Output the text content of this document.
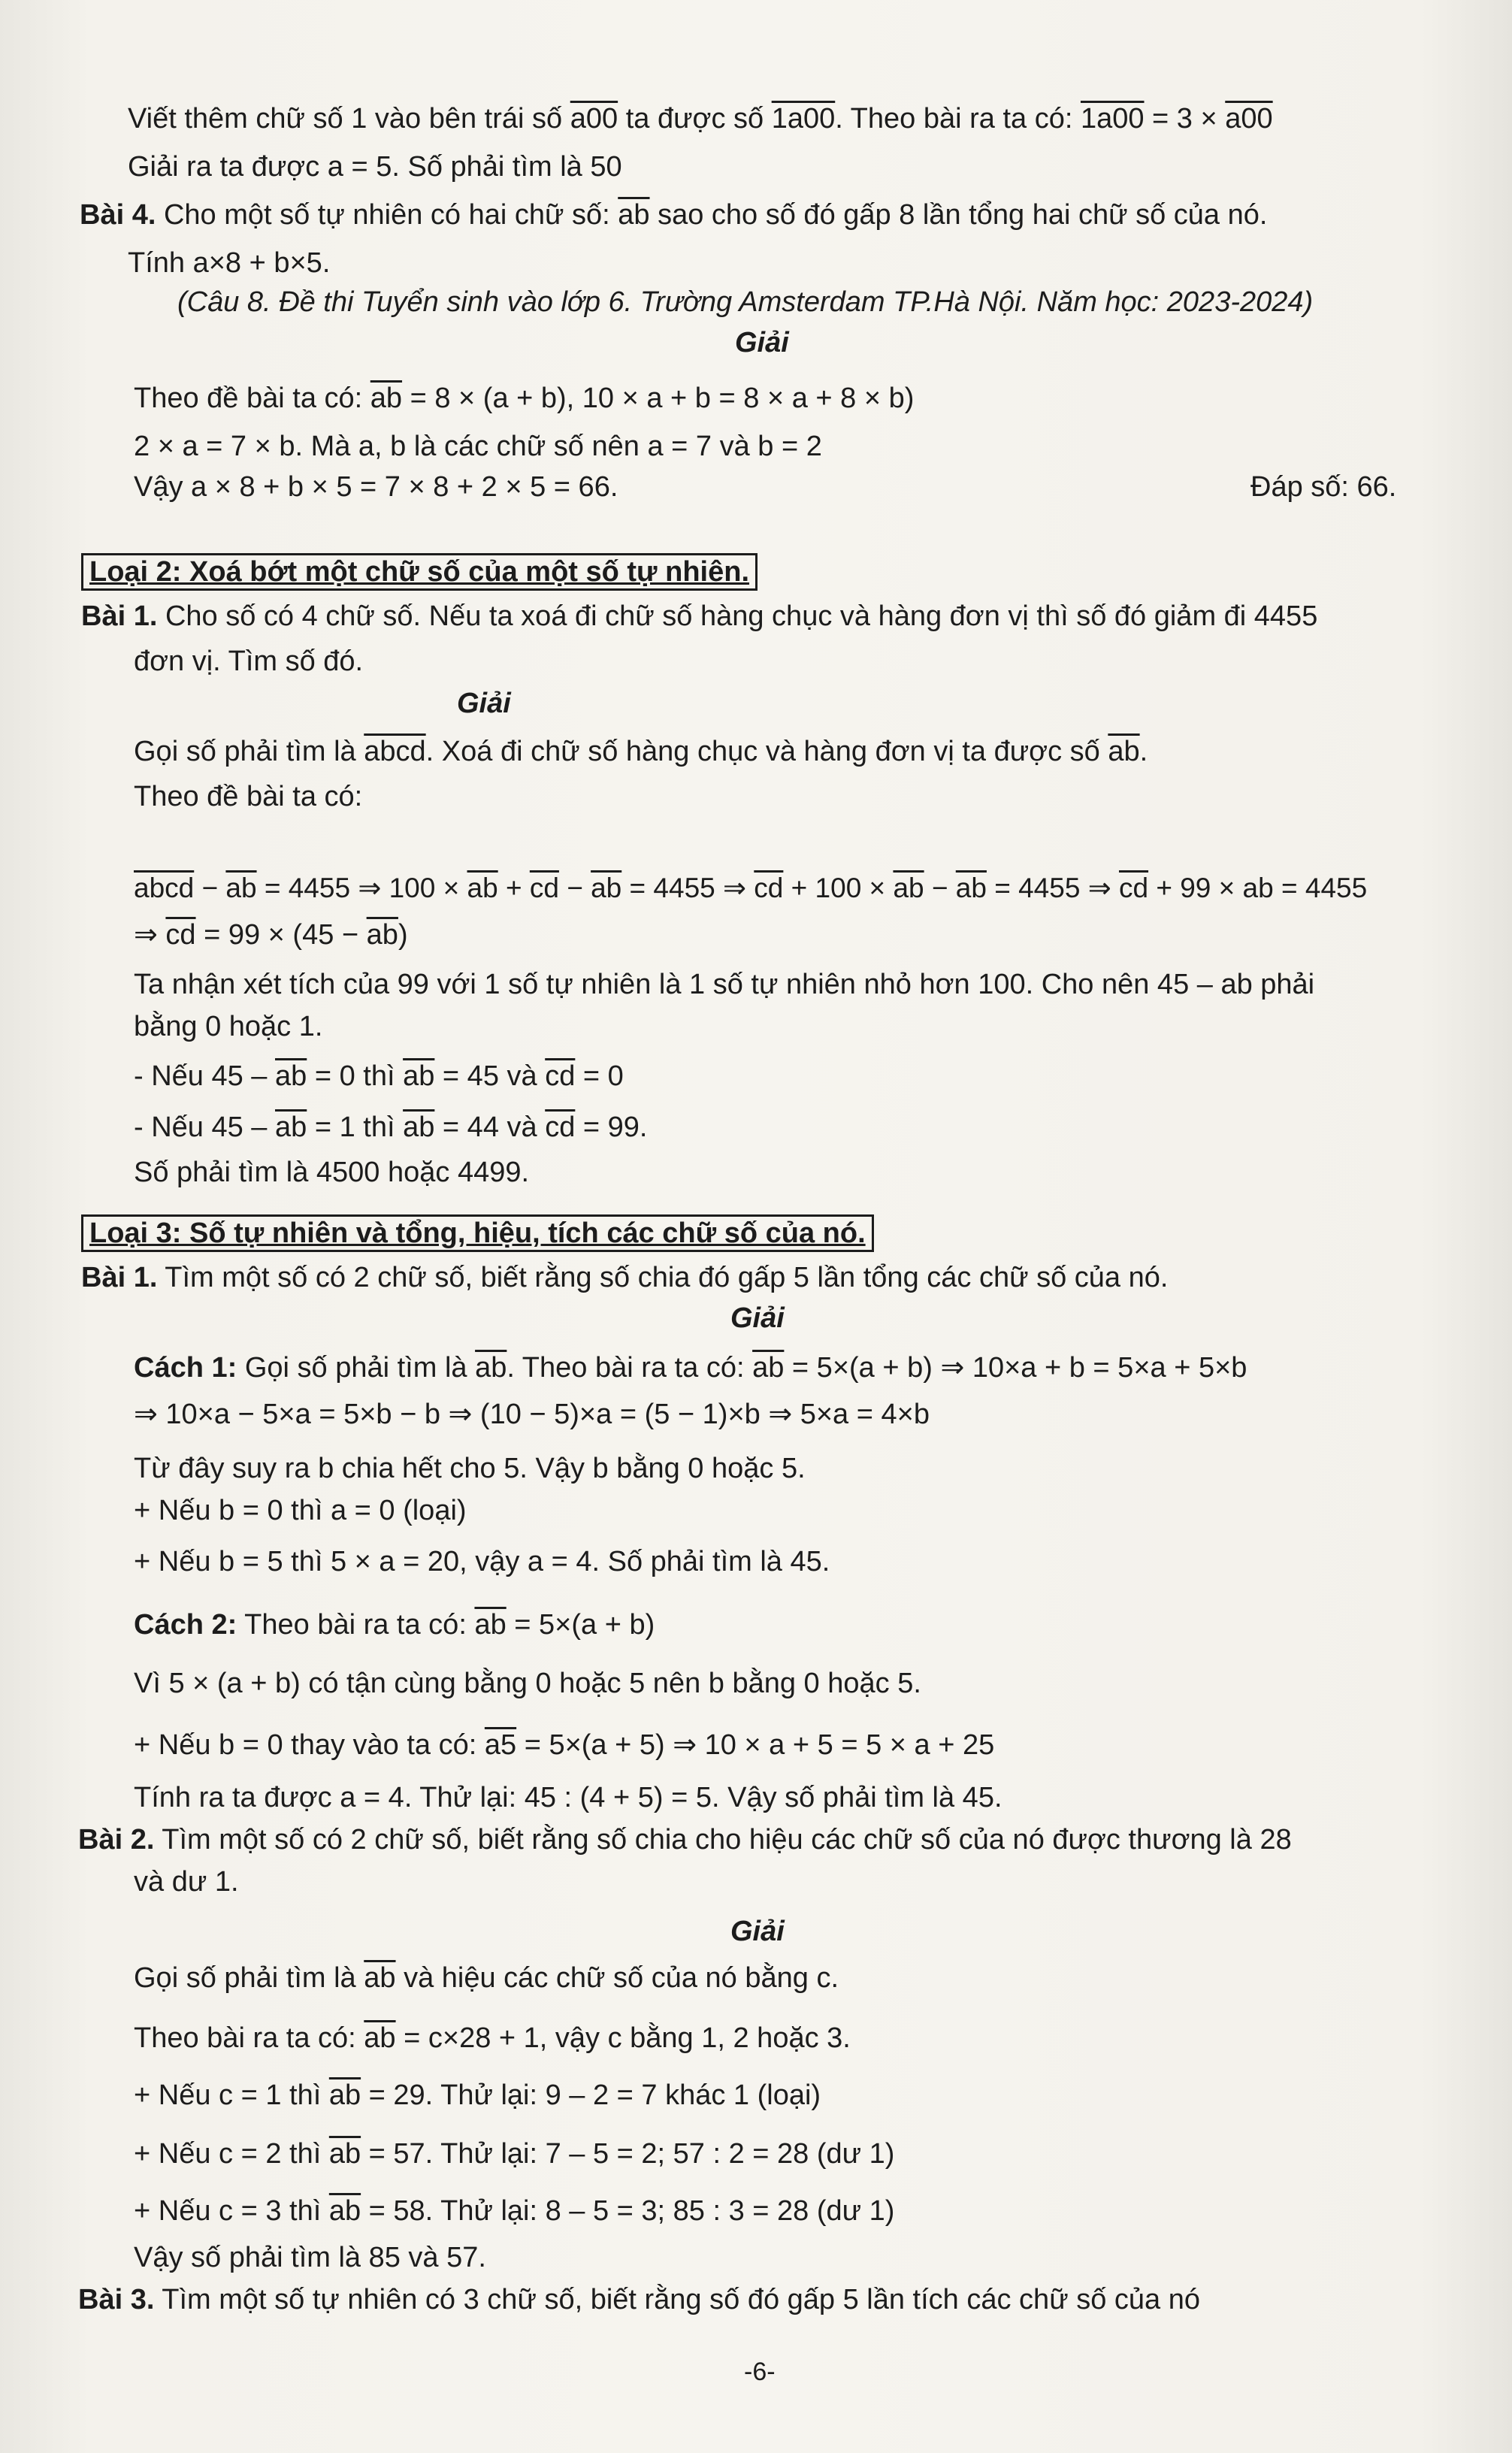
Viết thêm chữ số 1 vào bên trái số a00 ta được số 1a00. Theo bài ra ta có: 1a00 = 3 × a00
Giải ra ta được a = 5. Số phải tìm là 50
Bài 4. Cho một số tự nhiên có hai chữ số: $\overline{ab}$ sao cho số đó gấp 8 lần tổng hai chữ số của nó.
Tính a×8 + b×5.
(Câu 8. Đề thi Tuyển sinh vào lớp 6. Trường Amsterdam TP.Hà Nội. Năm học: 2023-2024)
Giải
Theo đề bài ta có: $\overline{ab} = 8 \times (a + b)$, 10 × a + b = 8 × a + 8 × b)
2 × a = 7 × b. Mà a, b là các chữ số nên a = 7 và b = 2
Vậy a × 8 + b × 5 = 7 × 8 + 2 × 5 = 66.	Đáp số: 66.
Loại 2: Xoá bớt một chữ số của một số tự nhiên.
Bài 1. Cho số có 4 chữ số. Nếu ta xoá đi chữ số hàng chục và hàng đơn vị thì số đó giảm đi 4455
đơn vị. Tìm số đó.
Giải
Gọi số phải tìm là abcd. Xoá đi chữ số hàng chục và hàng đơn vị ta được số $\overline{ab}$.
Theo đề bài ta có:
abcd − $\overline{ab} = 4455$ ⇒ $100 \times \overline{ab} + \overline{cd} - \overline{ab} = 4455$ ⇒ $\overline{cd} + 100 \times \overline{ab} - \overline{ab} = 4455$ ⇒ $\overline{cd} + 99$ × ab = 4455
⇒ $\overline{cd} = 99 \times (45 - \overline{ab})$
Ta nhận xét tích của 99 với 1 số tự nhiên là 1 số tự nhiên nhỏ hơn 100. Cho nên 45 – ab phải
bằng 0 hoặc 1.
- Nếu $45 - \overline{ab} = 0$ thì $\overline{ab} = 45$ và $\overline{cd} = 0$
- Nếu $45 - \overline{ab} = 1$ thì $\overline{ab} = 44$ và $\overline{cd} = 99$.
Số phải tìm là 4500 hoặc 4499.
Loại 3: Số tự nhiên và tổng, hiệu, tích các chữ số của nó.
Bài 1. Tìm một số có 2 chữ số, biết rằng số chia đó gấp 5 lần tổng các chữ số của nó.
Giải
Cách 1: Gọi số phải tìm là $\overline{ab}$. Theo bài ra ta có: $\overline{ab} = 5\times(a + b)$ ⇒ 10×a + b = 5×a + 5×b
⇒ 10×a − 5×a = 5×b − b ⇒ (10 − 5)×a = (5 − 1)×b ⇒ 5×a = 4×b
Từ đây suy ra b chia hết cho 5. Vậy b bằng 0 hoặc 5.
+ Nếu b = 0 thì a = 0 (loại)
+ Nếu b = 5 thì 5 × a = 20, vậy a = 4. Số phải tìm là 45.
Cách 2: Theo bài ra ta có: $\overline{ab} = 5\times(a + b)$
Vì 5 × (a + b) có tận cùng bằng 0 hoặc 5 nên b bằng 0 hoặc 5.
+ Nếu b = 0 thay vào ta có: a5 = 5×(a + 5) ⇒ 10 × a + 5 = 5 × a + 25
Tính ra ta được a = 4. Thử lại: 45 : (4 + 5) = 5. Vậy số phải tìm là 45.
Bài 2. Tìm một số có 2 chữ số, biết rằng số chia cho hiệu các chữ số của nó được thương là 28
và dư 1.
Giải
Gọi số phải tìm là $\overline{ab}$ và hiệu các chữ số của nó bằng c.
Theo bài ra ta có: $\overline{ab} = c\times 28 + 1$, vậy c bằng 1, 2 hoặc 3.
+ Nếu c = 1 thì $\overline{ab} = 29$. Thử lại: 9 – 2 = 7 khác 1 (loại)
+ Nếu c = 2 thì $\overline{ab} = 57$. Thử lại: 7 – 5 = 2; 57 : 2 = 28 (dư 1)
+ Nếu c = 3 thì $\overline{ab} = 58$. Thử lại: 8 – 5 = 3; 85 : 3 = 28 (dư 1)
Vậy số phải tìm là 85 và 57.
Bài 3. Tìm một số tự nhiên có 3 chữ số, biết rằng số đó gấp 5 lần tích các chữ số của nó
-6-
